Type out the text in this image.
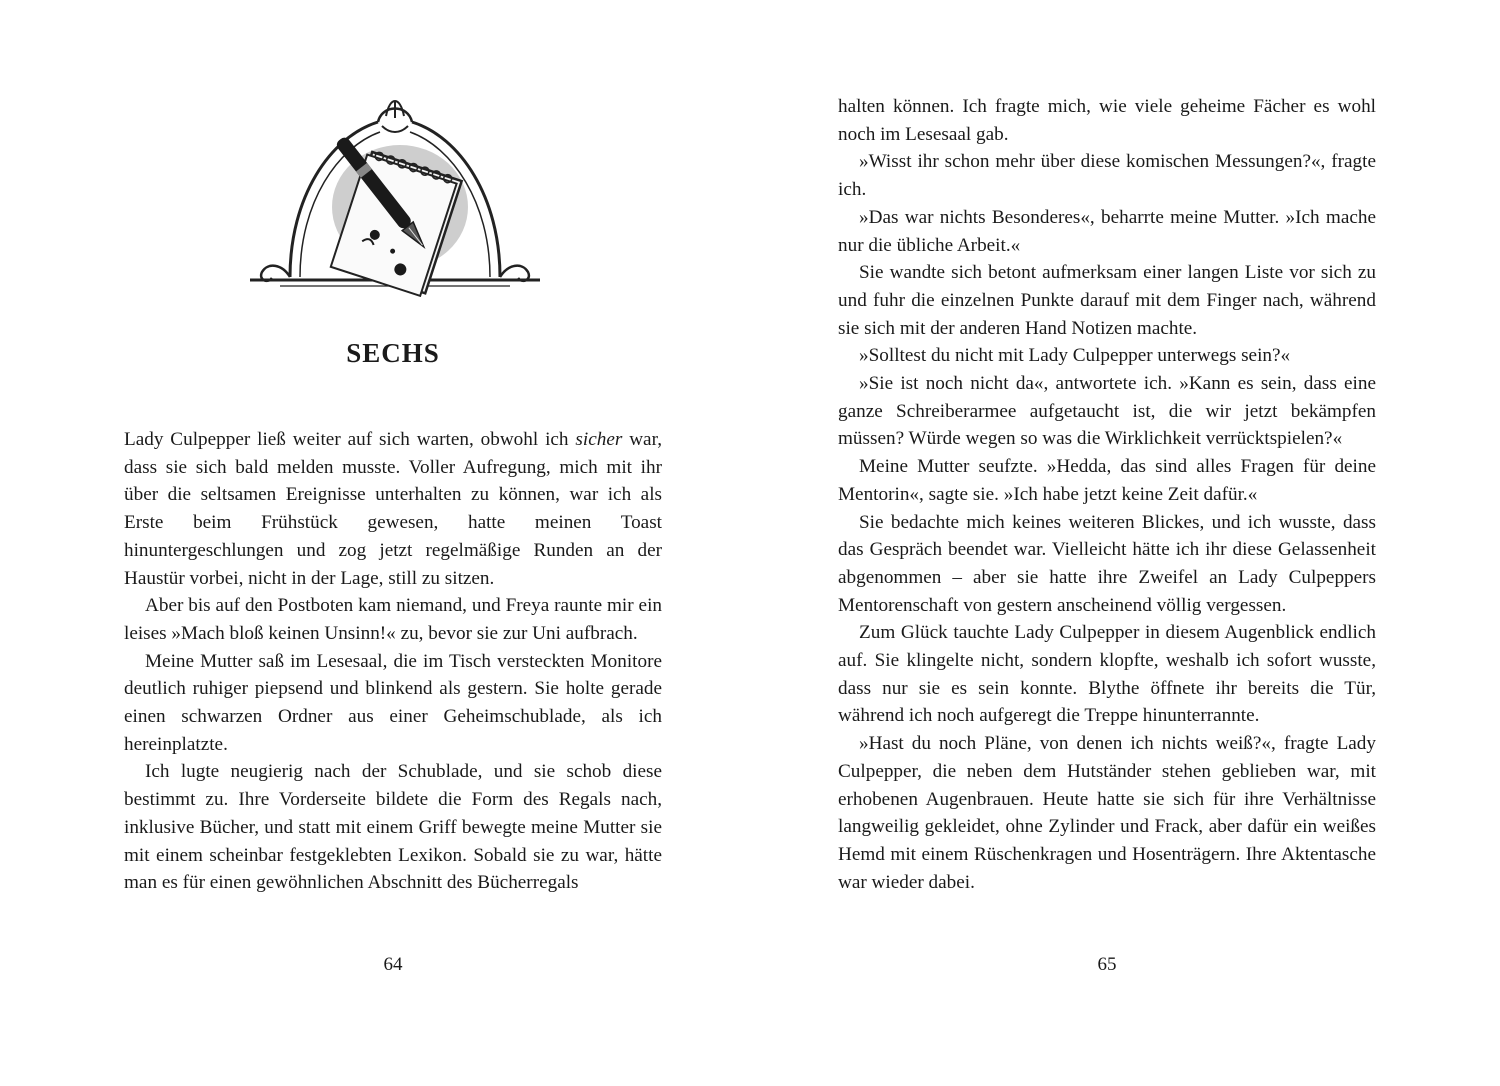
SECHS

Lady Culpepper ließ weiter auf sich warten, obwohl ich sicher war, dass sie sich bald melden musste. Voller Aufregung, mich mit ihr über die seltsamen Ereignisse unterhalten zu können, war ich als Erste beim Frühstück gewesen, hatte meinen Toast hinuntergeschlungen und zog jetzt regelmäßige Runden an der Haustür vorbei, nicht in der Lage, still zu sitzen.

Aber bis auf den Postboten kam niemand, und Freya raunte mir ein leises »Mach bloß keinen Unsinn!« zu, bevor sie zur Uni aufbrach.

Meine Mutter saß im Lesesaal, die im Tisch versteckten Monitore deutlich ruhiger piepsend und blinkend als gestern. Sie holte gerade einen schwarzen Ordner aus einer Geheimschublade, als ich hereinplatzte.

Ich lugte neugierig nach der Schublade, und sie schob diese bestimmt zu. Ihre Vorderseite bildete die Form des Regals nach, inklusive Bücher, und statt mit einem Griff bewegte meine Mutter sie mit einem scheinbar festgeklebten Lexikon. Sobald sie zu war, hätte man es für einen gewöhnlichen Abschnitt des Bücherregals

64

halten können. Ich fragte mich, wie viele geheime Fächer es wohl noch im Lesesaal gab.

»Wisst ihr schon mehr über diese komischen Messungen?«, fragte ich.

»Das war nichts Besonderes«, beharrte meine Mutter. »Ich mache nur die übliche Arbeit.«

Sie wandte sich betont aufmerksam einer langen Liste vor sich zu und fuhr die einzelnen Punkte darauf mit dem Finger nach, während sie sich mit der anderen Hand Notizen machte.

»Solltest du nicht mit Lady Culpepper unterwegs sein?«

»Sie ist noch nicht da«, antwortete ich. »Kann es sein, dass eine ganze Schreiberarmee aufgetaucht ist, die wir jetzt bekämpfen müssen? Würde wegen so was die Wirklichkeit verrücktspielen?«

Meine Mutter seufzte. »Hedda, das sind alles Fragen für deine Mentorin«, sagte sie. »Ich habe jetzt keine Zeit dafür.«

Sie bedachte mich keines weiteren Blickes, und ich wusste, dass das Gespräch beendet war. Vielleicht hätte ich ihr diese Gelassenheit abgenommen – aber sie hatte ihre Zweifel an Lady Culpeppers Mentorenschaft von gestern anscheinend völlig vergessen.

Zum Glück tauchte Lady Culpepper in diesem Augenblick endlich auf. Sie klingelte nicht, sondern klopfte, weshalb ich sofort wusste, dass nur sie es sein konnte. Blythe öffnete ihr bereits die Tür, während ich noch aufgeregt die Treppe hinunterrannte.

»Hast du noch Pläne, von denen ich nichts weiß?«, fragte Lady Culpepper, die neben dem Hutständer stehen geblieben war, mit erhobenen Augenbrauen. Heute hatte sie sich für ihre Verhältnisse langweilig gekleidet, ohne Zylinder und Frack, aber dafür ein weißes Hemd mit einem Rüschenkragen und Hosenträgern. Ihre Aktentasche war wieder dabei.

65
